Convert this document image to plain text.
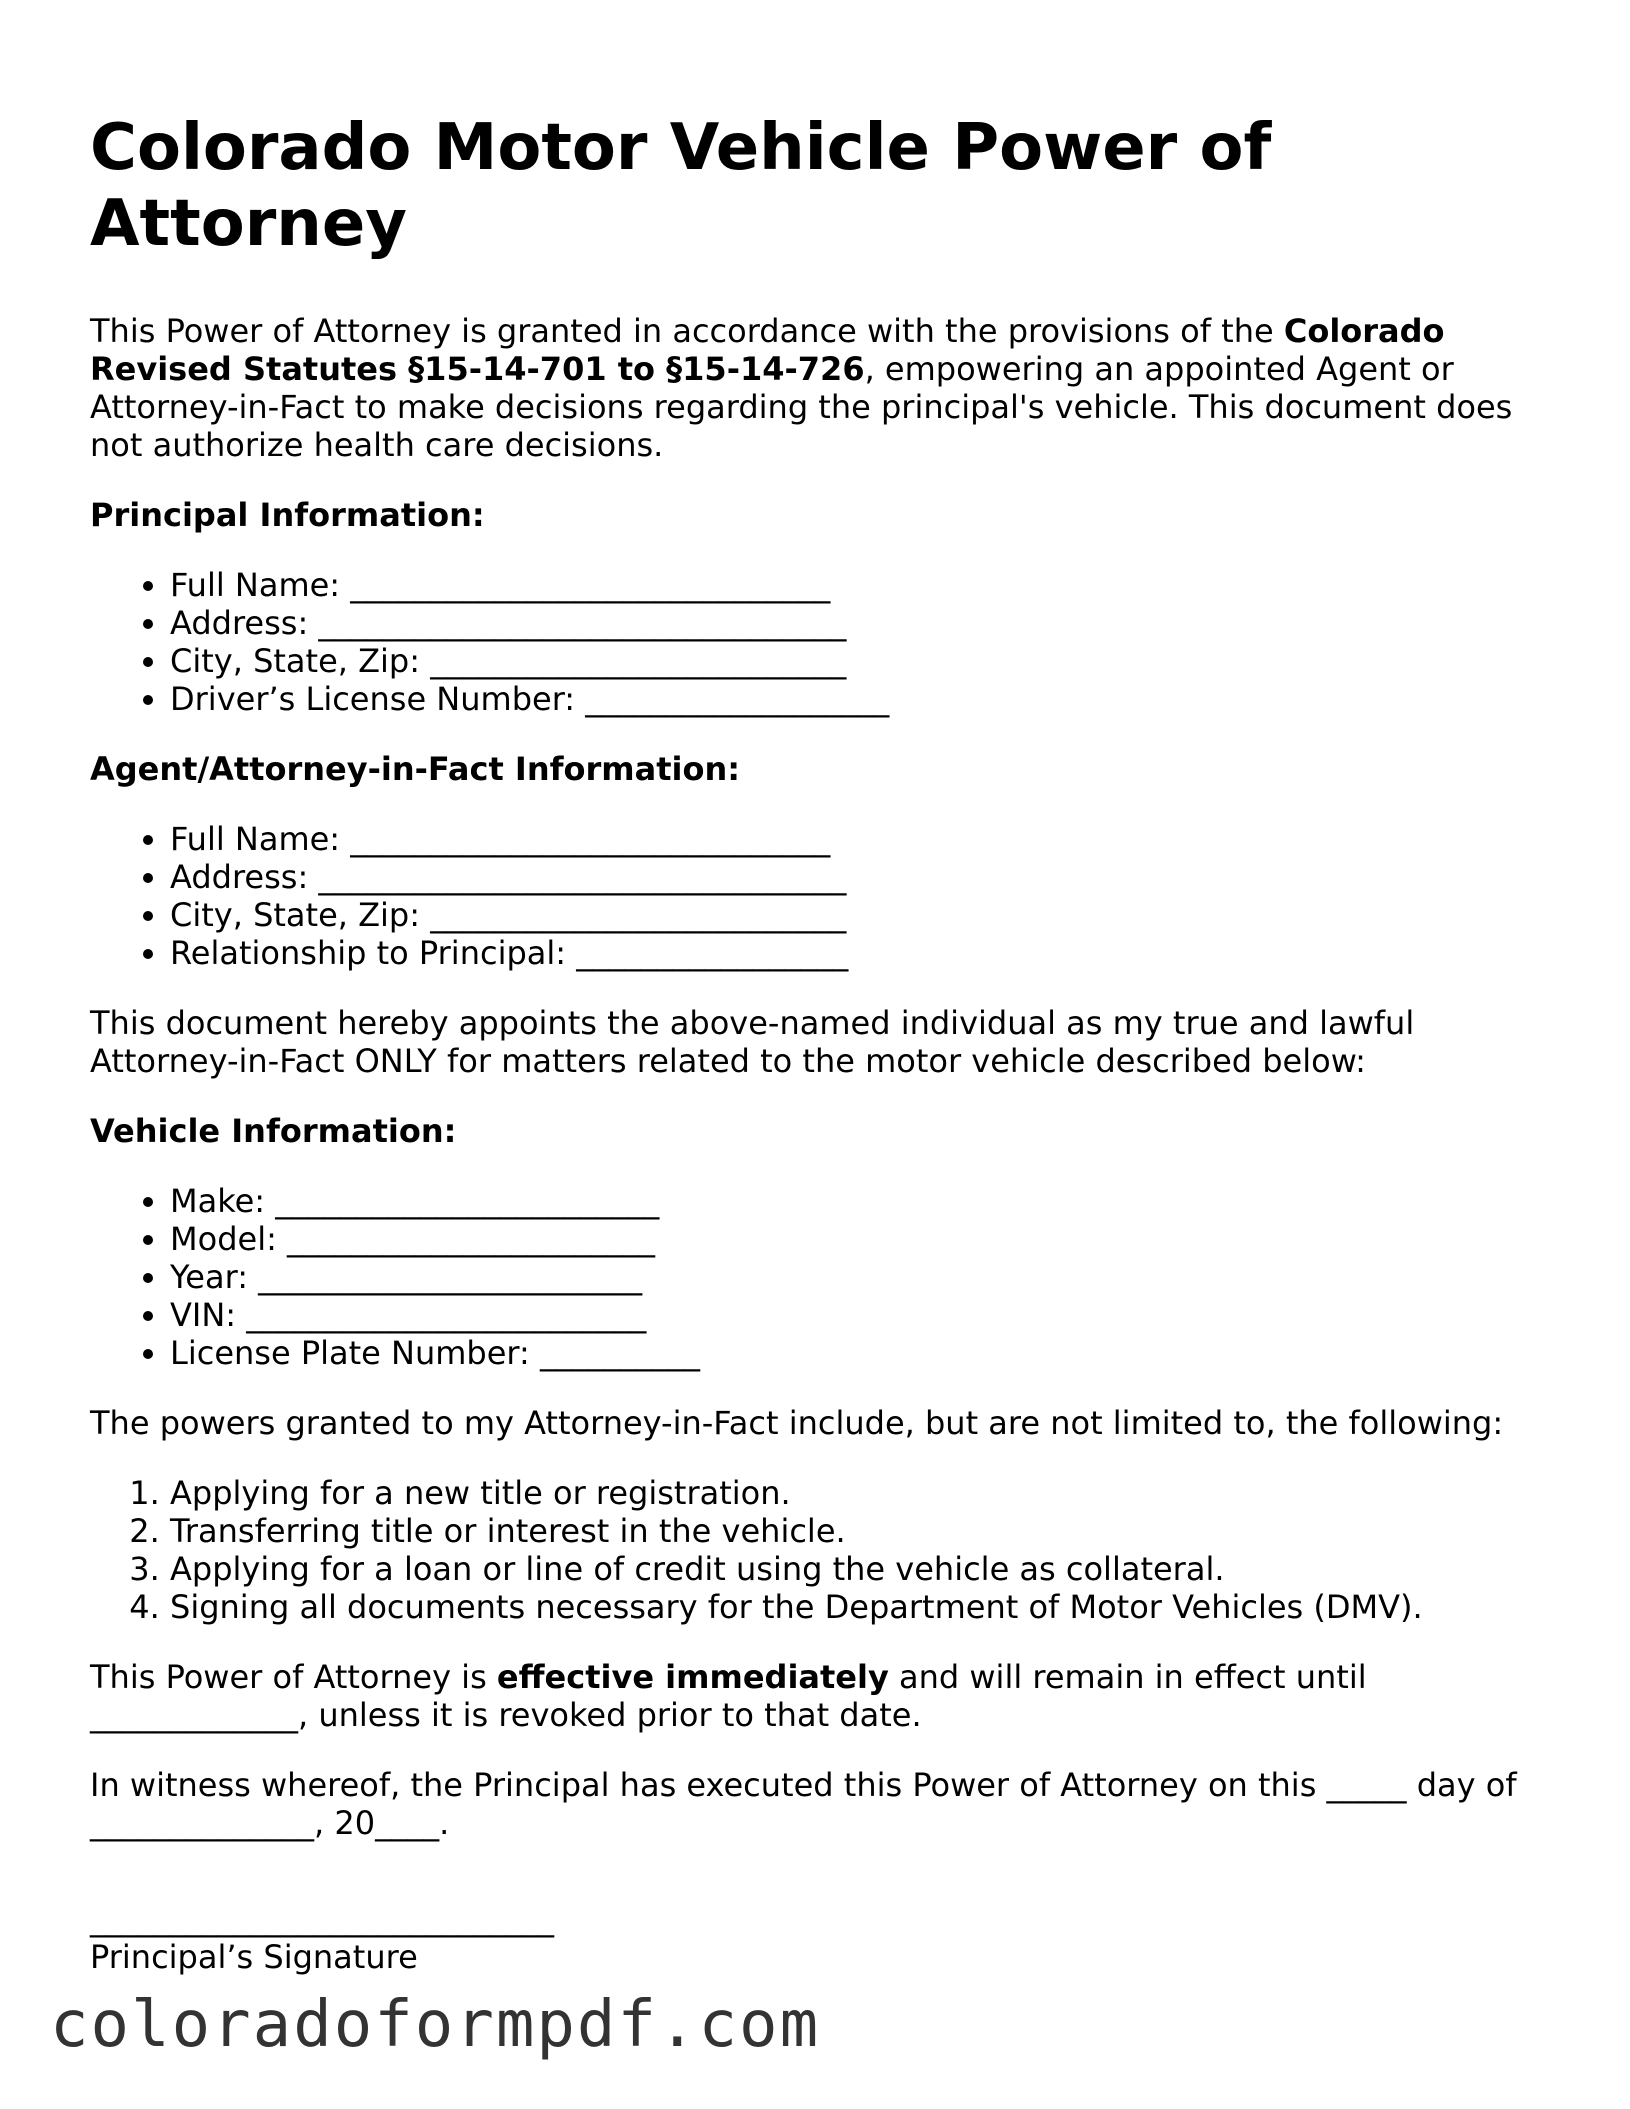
Colorado Motor Vehicle Power of Attorney

This Power of Attorney is granted in accordance with the provisions of the Colorado Revised Statutes §15-14-701 to §15-14-726, empowering an appointed Agent or Attorney-in-Fact to make decisions regarding the principal's vehicle. This document does not authorize health care decisions.

Principal Information:
• Full Name: ______________________________
• Address: _________________________________
• City, State, Zip: __________________________
• Driver’s License Number: ___________________
Agent/Attorney-in-Fact Information:
• Full Name: ______________________________
• Address: _________________________________
• City, State, Zip: __________________________
• Relationship to Principal: _________________

This document hereby appoints the above-named individual as my true and lawful Attorney-in-Fact ONLY for matters related to the motor vehicle described below:

Vehicle Information:
• Make: ________________________
• Model: _______________________
• Year: ________________________
• VIN: _________________________
• License Plate Number: __________

The powers granted to my Attorney-in-Fact include, but are not limited to, the following:

1. Applying for a new title or registration.
2. Transferring title or interest in the vehicle.
3. Applying for a loan or line of credit using the vehicle as collateral.
4. Signing all documents necessary for the Department of Motor Vehicles (DMV).

This Power of Attorney is effective immediately and will remain in effect until _____________, unless it is revoked prior to that date.

In witness whereof, the Principal has executed this Power of Attorney on this _____ day of ______________, 20____.

_____________________________
Principal’s Signature
coloradoformpdf.com
